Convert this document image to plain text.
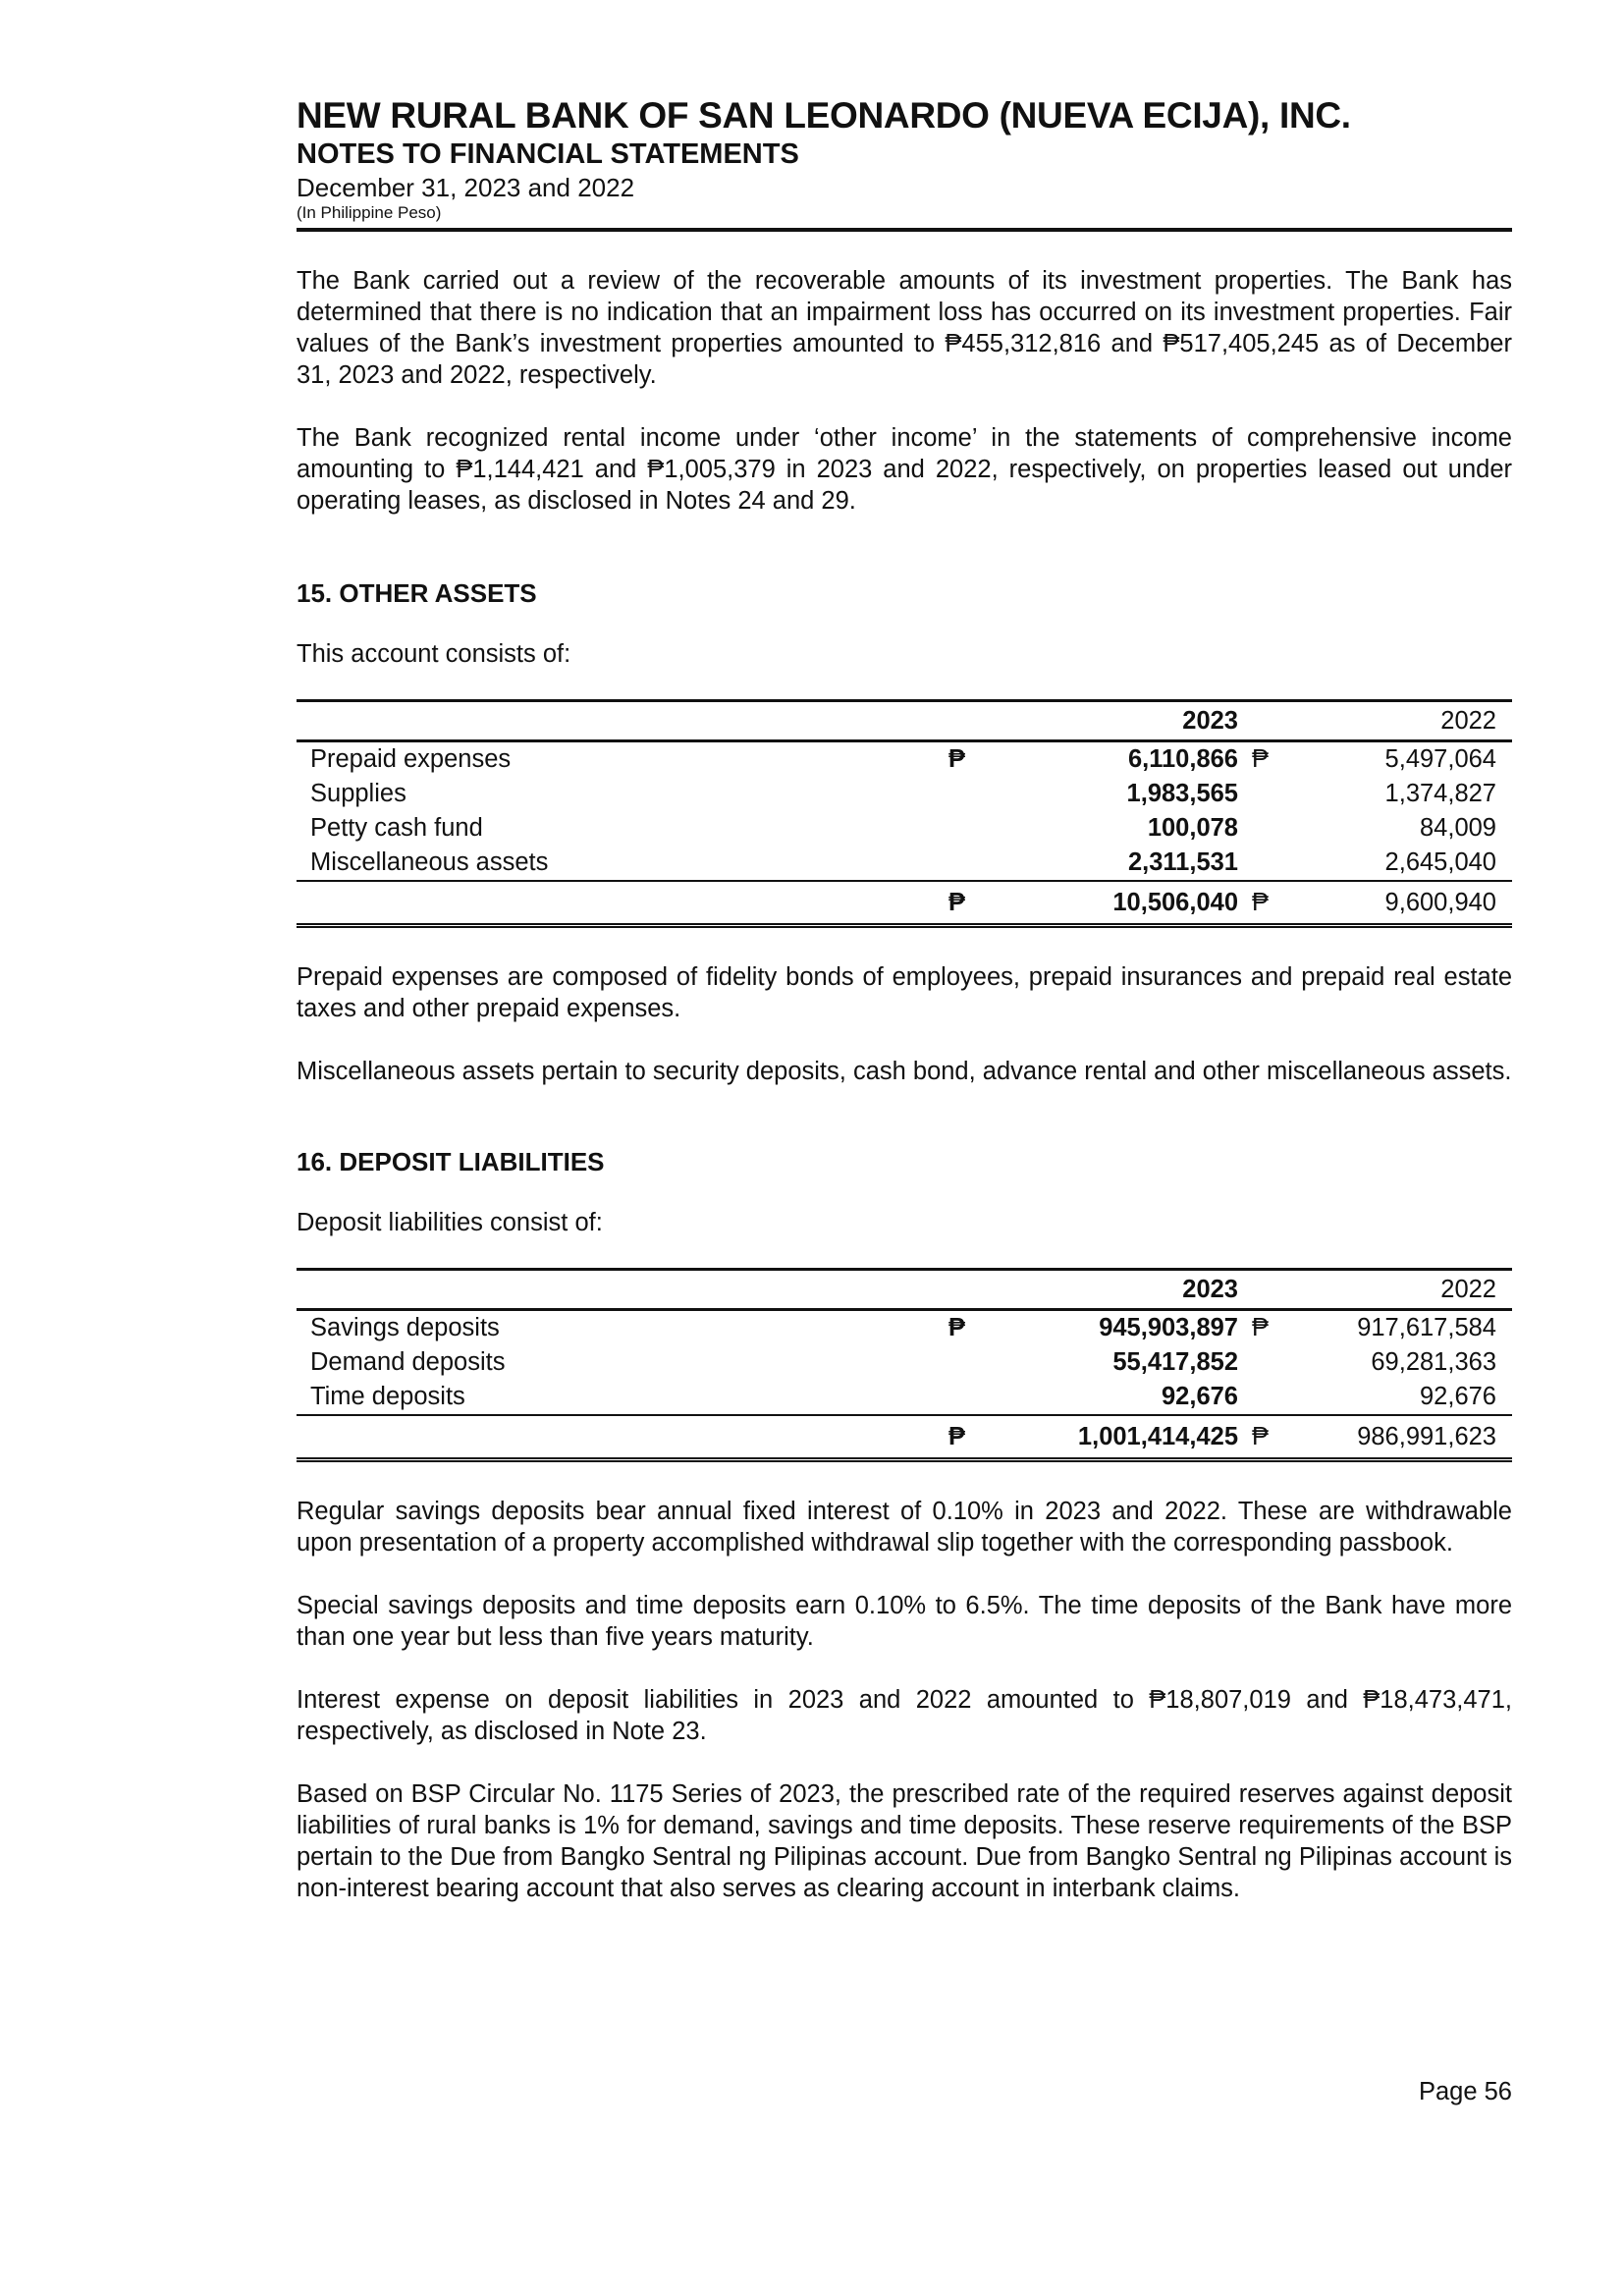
NEW RURAL BANK OF SAN LEONARDO (NUEVA ECIJA), INC.
NOTES TO FINANCIAL STATEMENTS
December 31, 2023 and 2022
(In Philippine Peso)

The Bank carried out a review of the recoverable amounts of its investment properties. The Bank has determined that there is no indication that an impairment loss has occurred on its investment properties. Fair values of the Bank’s investment properties amounted to ₱455,312,816 and ₱517,405,245 as of December 31, 2023 and 2022, respectively.

The Bank recognized rental income under ‘other income’ in the statements of comprehensive income amounting to ₱1,144,421 and ₱1,005,379 in 2023 and 2022, respectively, on properties leased out under operating leases, as disclosed in Notes 24 and 29.

15. OTHER ASSETS

This account consists of:

		2023		2022
Prepaid expenses	₱	6,110,866	₱	5,497,064
Supplies		1,983,565		1,374,827
Petty cash fund		100,078		84,009
Miscellaneous assets		2,311,531		2,645,040
	₱	10,506,040	₱	9,600,940

Prepaid expenses are composed of fidelity bonds of employees, prepaid insurances and prepaid real estate taxes and other prepaid expenses.

Miscellaneous assets pertain to security deposits, cash bond, advance rental and other miscellaneous assets.

16. DEPOSIT LIABILITIES

Deposit liabilities consist of:

		2023		2022
Savings deposits	₱	945,903,897	₱	917,617,584
Demand deposits		55,417,852		69,281,363
Time deposits		92,676		92,676
	₱	1,001,414,425	₱	986,991,623

Regular savings deposits bear annual fixed interest of 0.10% in 2023 and 2022. These are withdrawable upon presentation of a property accomplished withdrawal slip together with the corresponding passbook.

Special savings deposits and time deposits earn 0.10% to 6.5%. The time deposits of the Bank have more than one year but less than five years maturity.

Interest expense on deposit liabilities in 2023 and 2022 amounted to ₱18,807,019 and ₱18,473,471, respectively, as disclosed in Note 23.

Based on BSP Circular No. 1175 Series of 2023, the prescribed rate of the required reserves against deposit liabilities of rural banks is 1% for demand, savings and time deposits. These reserve requirements of the BSP pertain to the Due from Bangko Sentral ng Pilipinas account. Due from Bangko Sentral ng Pilipinas account is non-interest bearing account that also serves as clearing account in interbank claims.

Page 56
